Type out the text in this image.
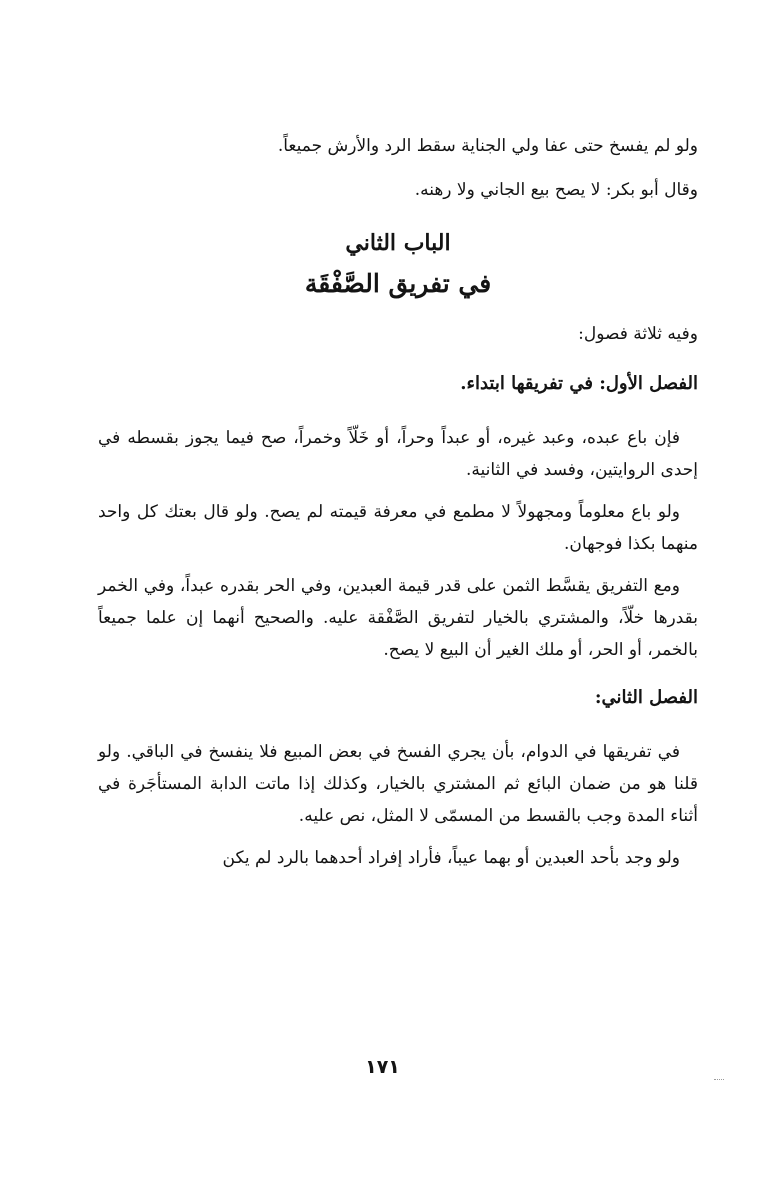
ولو لم يفسخ حتى عفا ولي الجناية سقط الرد والأرش جميعاً.

وقال أبو بكر: لا يصح بيع الجاني ولا رهنه.

الباب الثاني

في تفريق الصَّفْقَة

وفيه ثلاثة فصول:

الفصل الأول: في تفريقها ابتداء.

فإن باع عبده، وعبد غيره، أو عبداً وحراً، أو خَلّاً وخمراً، صح فيما يجوز بقسطه في إحدى الروايتين، وفسد في الثانية.

ولو باع معلوماً ومجهولاً لا مطمع في معرفة قيمته لم يصح. ولو قال بعتك كل واحد منهما بكذا فوجهان.

ومع التفريق يقسَّط الثمن على قدر قيمة العبدين، وفي الحر بقدره عبداً، وفي الخمر بقدرها خلّاً، والمشتري بالخيار لتفريق الصَّفْقة عليه. والصحيح أنهما إن علما جميعاً بالخمر، أو الحر، أو ملك الغير أن البيع لا يصح.

الفصل الثاني:

في تفريقها في الدوام، بأن يجري الفسخ في بعض المبيع فلا ينفسخ في الباقي. ولو قلنا هو من ضمان البائع ثم المشتري بالخيار، وكذلك إذا ماتت الدابة المستأجَرة في أثناء المدة وجب بالقسط من المسمّى لا المثل، نص عليه.

ولو وجد بأحد العبدين أو بهما عيباً، فأراد إفراد أحدهما بالرد لم يكن

١٧١
